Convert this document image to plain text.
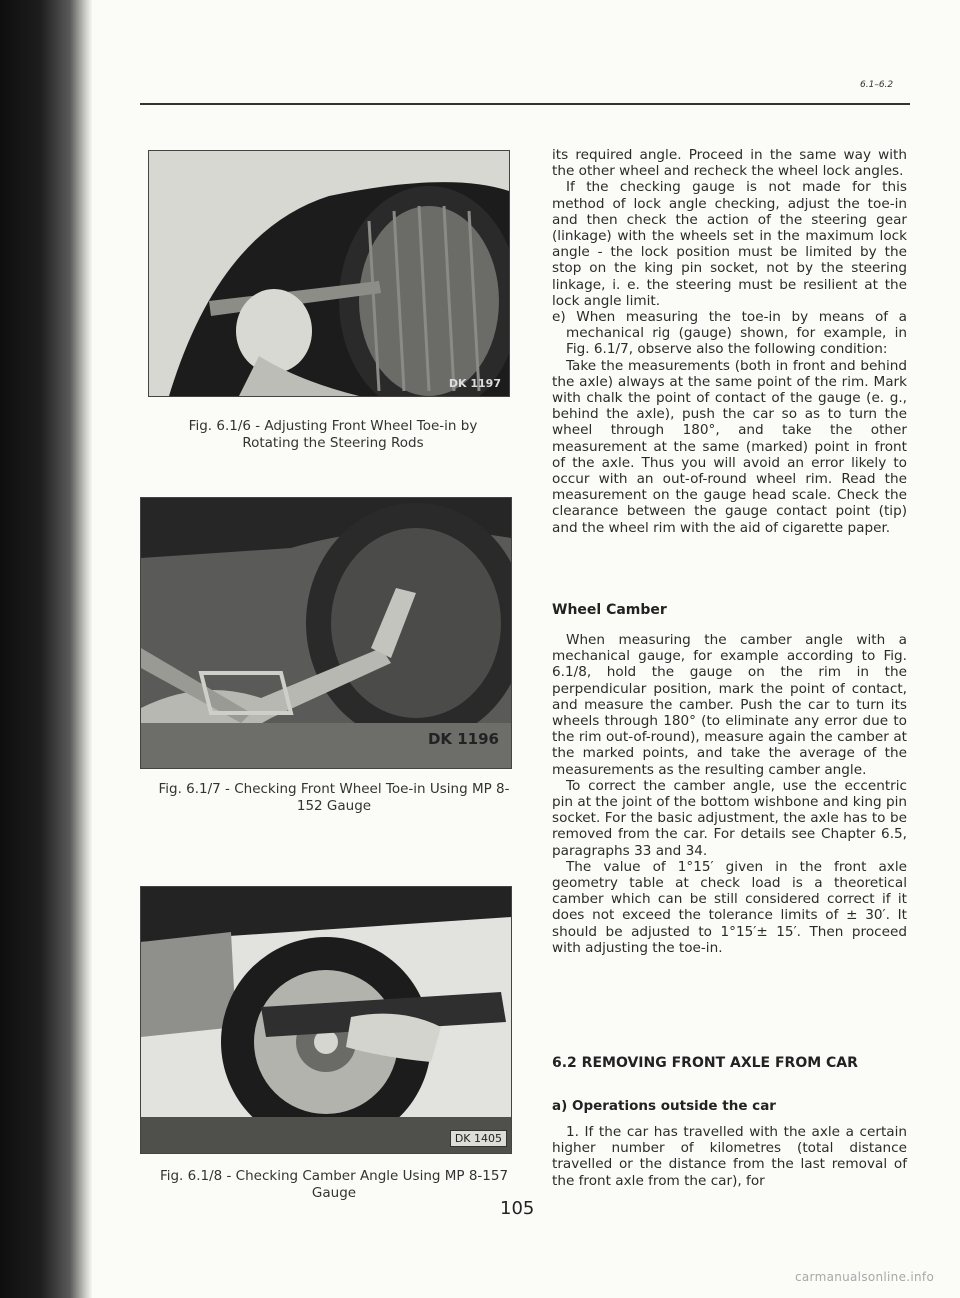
6.1–6.2
DK 1197
Fig. 6.1/6 - Adjusting Front Wheel Toe-in by Rotating the Steering Rods
DK 1196
Fig. 6.1/7 - Checking Front Wheel Toe-in Using MP 8-152 Gauge
DK 1405
Fig. 6.1/8 - Checking Camber Angle Using MP 8-157 Gauge

its required angle. Proceed in the same way with the other wheel and recheck the wheel lock angles.

If the checking gauge is not made for this method of lock angle checking, adjust the toe-in and then check the action of the steering gear (linkage) with the wheels set in the maximum lock angle - the lock position must be limited by the stop on the king pin socket, not by the steering linkage, i. e. the steering must be resilient at the lock angle limit.

e) When measuring the toe-in by means of a mechanical rig (gauge) shown, for example, in Fig. 6.1/7, observe also the following condition:

Take the measurements (both in front and behind the axle) always at the same point of the rim. Mark with chalk the point of contact of the gauge (e. g., behind the axle), push the car so as to turn the wheel through 180°, and take the other measurement at the same (marked) point in front of the axle. Thus you will avoid an error likely to occur with an out-of-round wheel rim. Read the measurement on the gauge head scale. Check the clearance between the gauge contact point (tip) and the wheel rim with the aid of cigarette paper.

Wheel Camber

When measuring the camber angle with a mechanical gauge, for example according to Fig. 6.1/8, hold the gauge on the rim in the perpendicular position, mark the point of contact, and measure the camber. Push the car to turn its wheels through 180° (to eliminate any error due to the rim out-of-round), measure again the camber at the marked points, and take the average of the measurements as the resulting camber angle.

To correct the camber angle, use the eccentric pin at the joint of the bottom wishbone and king pin socket. For the basic adjustment, the axle has to be removed from the car. For details see Chapter 6.5, paragraphs 33 and 34.

The value of 1°15′ given in the front axle geometry table at check load is a theoretical camber which can be still considered correct if it does not exceed the tolerance limits of ± 30′. It should be adjusted to 1°15′± 15′. Then proceed with adjusting the toe-in.

6.2 REMOVING FRONT AXLE FROM CAR
a) Operations outside the car

1. If the car has travelled with the axle a certain higher number of kilometres (total distance travelled or the distance from the last removal of the front axle from the car), for

105
carmanualsonline.info
